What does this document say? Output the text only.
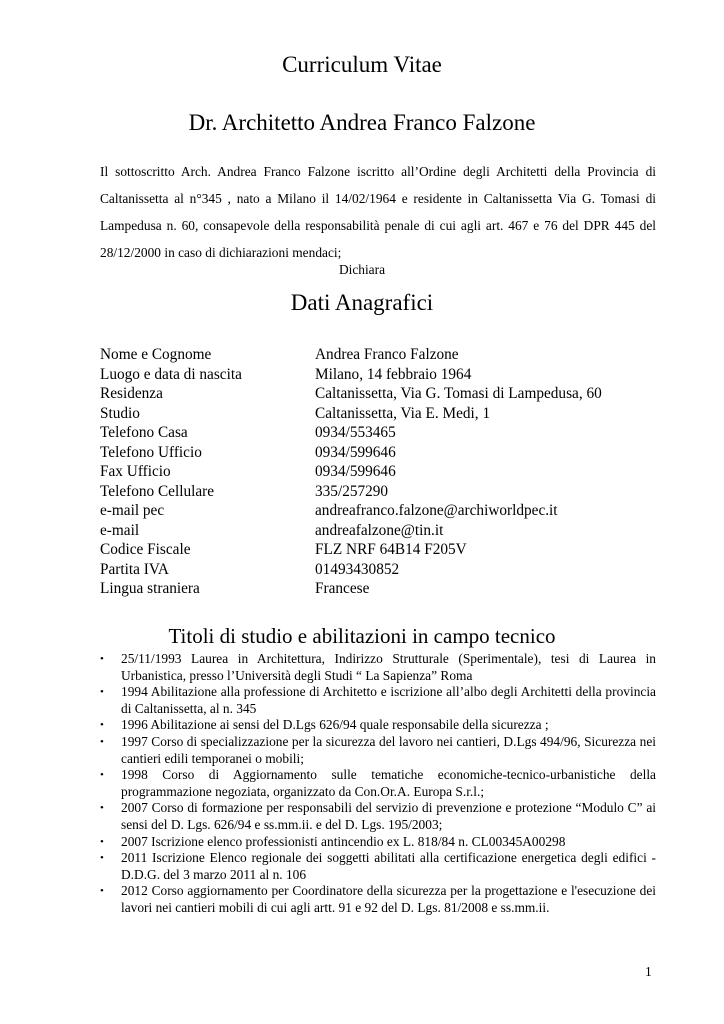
Curriculum Vitae
Dr. Architetto Andrea Franco Falzone
Il sottoscritto Arch. Andrea Franco Falzone iscritto all’Ordine degli Architetti della Provincia di Caltanissetta al n°345 , nato a Milano il 14/02/1964 e residente in Caltanissetta Via G. Tomasi di Lampedusa n. 60, consapevole della responsabilità penale di cui agli art. 467 e 76 del DPR 445 del 28/12/2000 in caso di dichiarazioni mendaci;
Dichiara
Dati Anagrafici
Nome e Cognome	Andrea Franco Falzone
Luogo e data di nascita	Milano, 14 febbraio 1964
Residenza	Caltanissetta, Via G. Tomasi di Lampedusa, 60
Studio	Caltanissetta, Via E. Medi, 1
Telefono Casa	0934/553465
Telefono Ufficio	0934/599646
Fax Ufficio	0934/599646
Telefono Cellulare	335/257290
e-mail pec	andreafranco.falzone@archiworldpec.it
e-mail	andreafalzone@tin.it
Codice Fiscale	FLZ NRF 64B14 F205V
Partita IVA	01493430852
Lingua straniera	Francese
Titoli di studio e abilitazioni in campo tecnico
•	25/11/1993 Laurea in Architettura, Indirizzo Strutturale (Sperimentale), tesi di Laurea in Urbanistica, presso l’Università degli Studi “ La Sapienza” Roma
•	1994 Abilitazione alla professione di Architetto e iscrizione all’albo degli Architetti della provincia di Caltanissetta, al n. 345
•	1996 Abilitazione ai sensi del D.Lgs 626/94 quale responsabile della sicurezza ;
•	1997 Corso di specializzazione per la sicurezza del lavoro nei cantieri, D.Lgs 494/96, Sicurezza nei cantieri edili temporanei o mobili;
•	1998 Corso di Aggiornamento sulle tematiche economiche-tecnico-urbanistiche della programmazione negoziata, organizzato da Con.Or.A. Europa S.r.l.;
•	2007 Corso di formazione per responsabili del servizio di prevenzione e protezione “Modulo C” ai sensi del D. Lgs. 626/94 e ss.mm.ii. e del D. Lgs. 195/2003;
•	2007 Iscrizione elenco professionisti antincendio ex L. 818/84 n. CL00345A00298
•	2011 Iscrizione Elenco regionale dei soggetti abilitati alla certificazione energetica degli edifici - D.D.G. del 3 marzo 2011 al n. 106
•	2012 Corso aggiornamento per Coordinatore della sicurezza per la progettazione e l'esecuzione dei lavori nei cantieri mobili di cui agli artt. 91 e 92 del D. Lgs. 81/2008 e ss.mm.ii.
1
